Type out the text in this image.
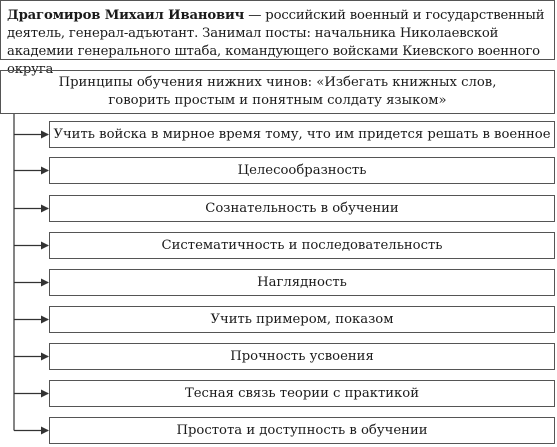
Драгомиров Михаил Иванович — российский военный и государственный деятель, генерал-адъютант. Занимал посты: начальника Николаевской академии генерального штаба, командующего войсками Киевского военного округа
Принципы обучения нижних чинов: «Избегать книжных слов, говорить простым и понятным солдату языком»
Учить войска в мирное время тому, что им придется решать в военное
Целесообразность
Сознательность в обучении
Систематичность и последовательность
Наглядность
Учить примером, показом
Прочность усвоения
Тесная связь теории с практикой
Простота и доступность в обучении
